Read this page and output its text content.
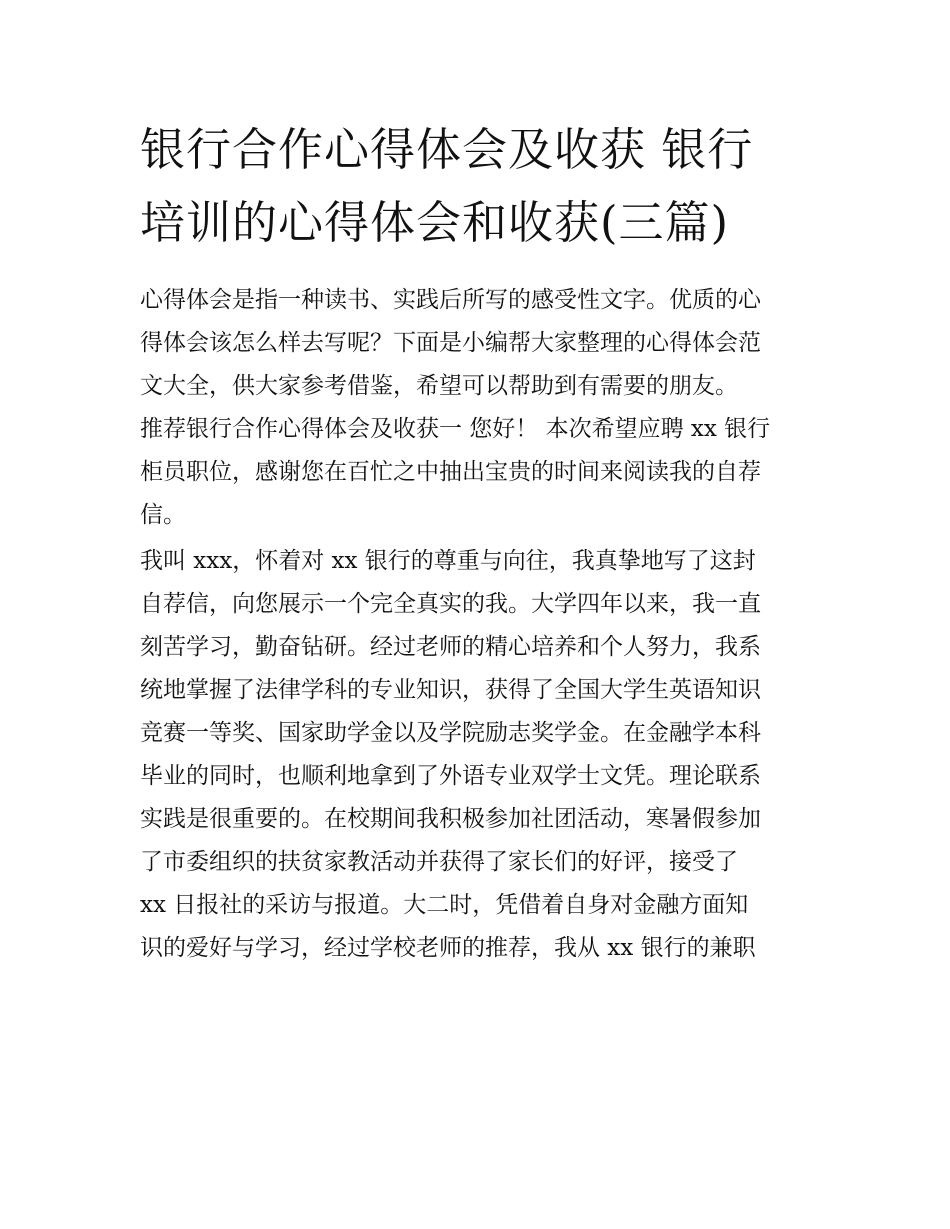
银行合作心得体会及收获 银行
培训的心得体会和收获(三篇)
心得体会是指一种读书、实践后所写的感受性文字。优质的心
得体会该怎么样去写呢？下面是小编帮大家整理的心得体会范
文大全，供大家参考借鉴，希望可以帮助到有需要的朋友。
推荐银行合作心得体会及收获一 您好！ 本次希望应聘 xx 银行
柜员职位，感谢您在百忙之中抽出宝贵的时间来阅读我的自荐
信。
我叫 xxx，怀着对 xx 银行的尊重与向往，我真挚地写了这封
自荐信，向您展示一个完全真实的我。大学四年以来，我一直
刻苦学习，勤奋钻研。经过老师的精心培养和个人努力，我系
统地掌握了法律学科的专业知识，获得了全国大学生英语知识
竞赛一等奖、国家助学金以及学院励志奖学金。在金融学本科
毕业的同时，也顺利地拿到了外语专业双学士文凭。理论联系
实践是很重要的。在校期间我积极参加社团活动，寒暑假参加
了市委组织的扶贫家教活动并获得了家长们的好评，接受了
xx 日报社的采访与报道。大二时，凭借着自身对金融方面知
识的爱好与学习，经过学校老师的推荐，我从 xx 银行的兼职
